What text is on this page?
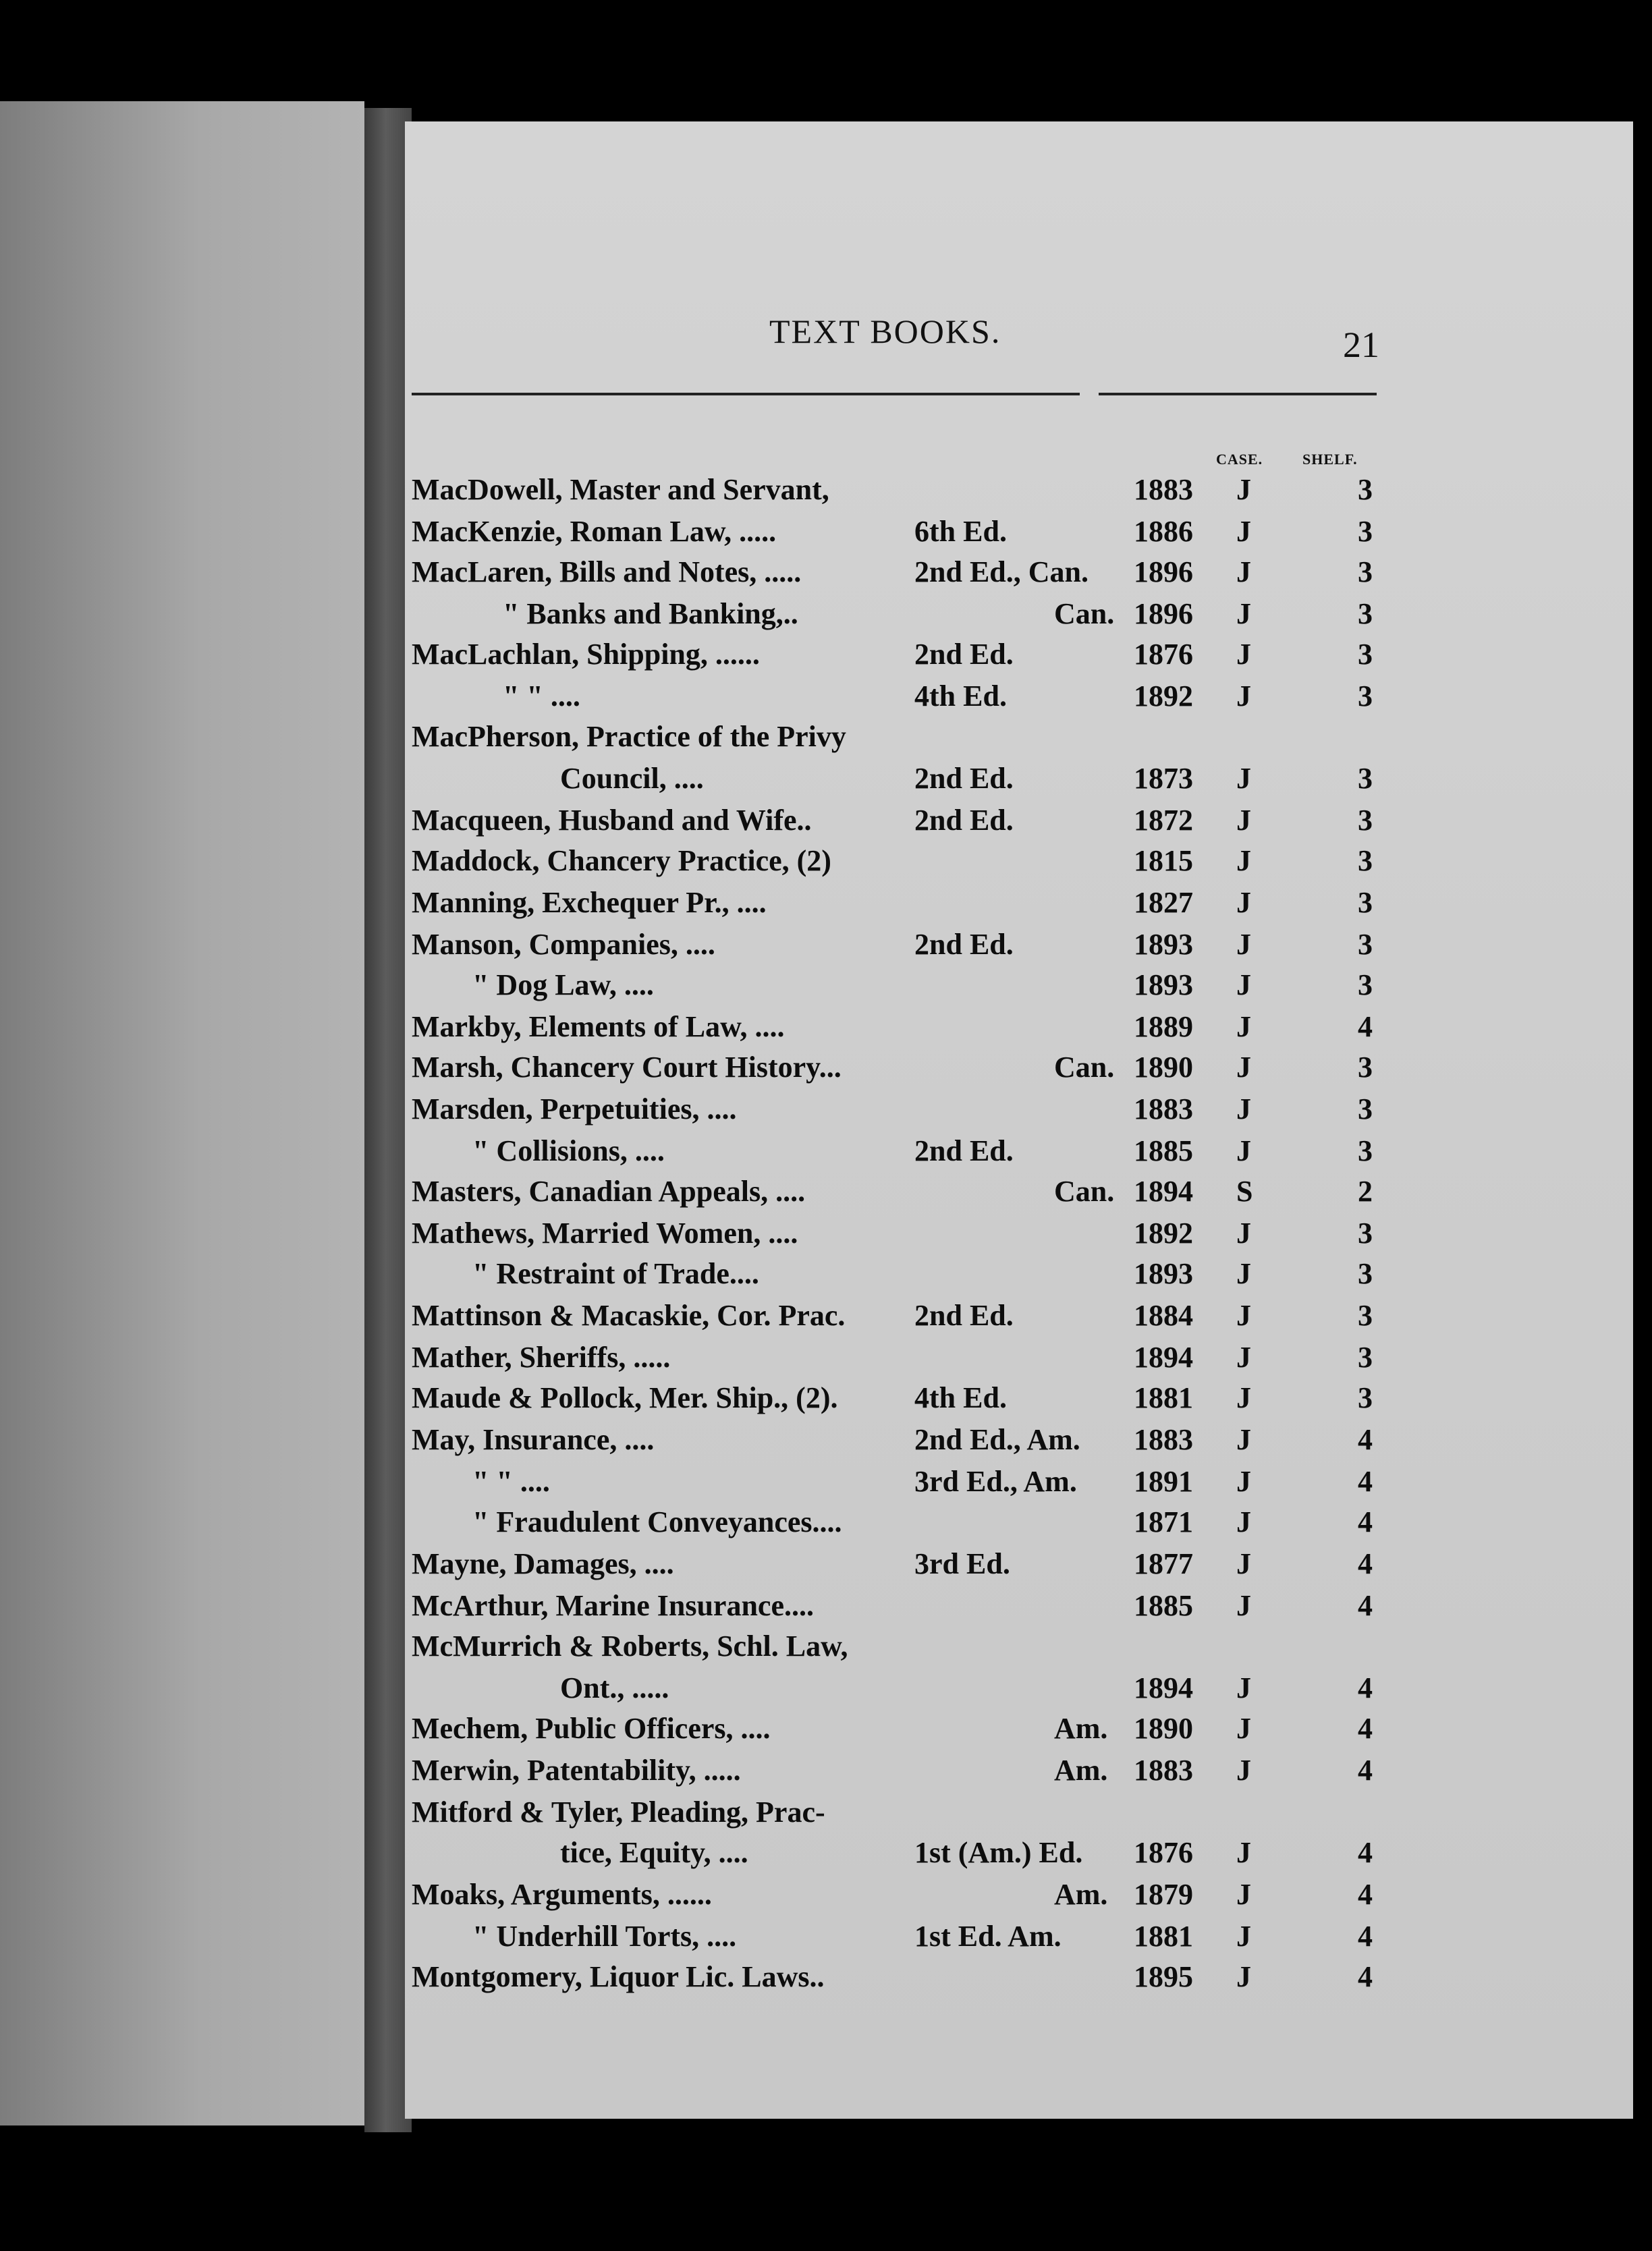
TEXT BOOKS.	21
CASE.	SHELF.
MacDowell, Master and Servant,	1883 J	3
MacKenzie, Roman Law, .....	6th Ed.	1886 J	3
MacLaren, Bills and Notes, .....	2nd Ed., Can. 1896 J	3
" Banks and Banking,..	Can. 1896 J	3
MacLachlan, Shipping, ......	2nd Ed.	1876 J	3
" " ....	4th Ed.	1892 J	3
MacPherson, Practice of the Privy
Council, ....	2nd Ed.	1873 J	3
Macqueen, Husband and Wife..	2nd Ed.	1872 J	3
Maddock, Chancery Practice, (2)	1815 J	3
Manning, Exchequer Pr., ....	1827 J	3
Manson, Companies, ....	2nd Ed.	1893 J	3
" Dog Law, ....	1893 J	3
Markby, Elements of Law, ....	1889 J	4
Marsh, Chancery Court History...	Can. 1890 J	3
Marsden, Perpetuities, ....	1883 J	3
" Collisions, ....	2nd Ed.	1885 J	3
Masters, Canadian Appeals, ....	Can. 1894 S	2
Mathews, Married Women, ....	1892 J	3
" Restraint of Trade....	1893 J	3
Mattinson & Macaskie, Cor. Prac. 2nd Ed.	1884 J	3
Mather, Sheriffs, .....	1894 J	3
Maude & Pollock, Mer. Ship., (2).	4th Ed.	1881 J	3
May, Insurance, ....	2nd Ed., Am. 1883 J	4
" " ....	3rd Ed., Am. 1891 J	4
" Fraudulent Conveyances....	1871 J	4
Mayne, Damages, ....	3rd Ed.	1877 J	4
McArthur, Marine Insurance....	1885 J	4
McMurrich & Roberts, Schl. Law,
Ont., .....	1894 J	4
Mechem, Public Officers, ....	Am. 1890 J	4
Merwin, Patentability, .....	Am. 1883 J	4
Mitford & Tyler, Pleading, Prac-
tice, Equity, ....	1st (Am.) Ed. 1876 J	4
Moaks, Arguments, ......	Am. 1879 J	4
" Underhill Torts, ....	1st Ed. Am. 1881 J	4
Montgomery, Liquor Lic. Laws..	1895 J	4
